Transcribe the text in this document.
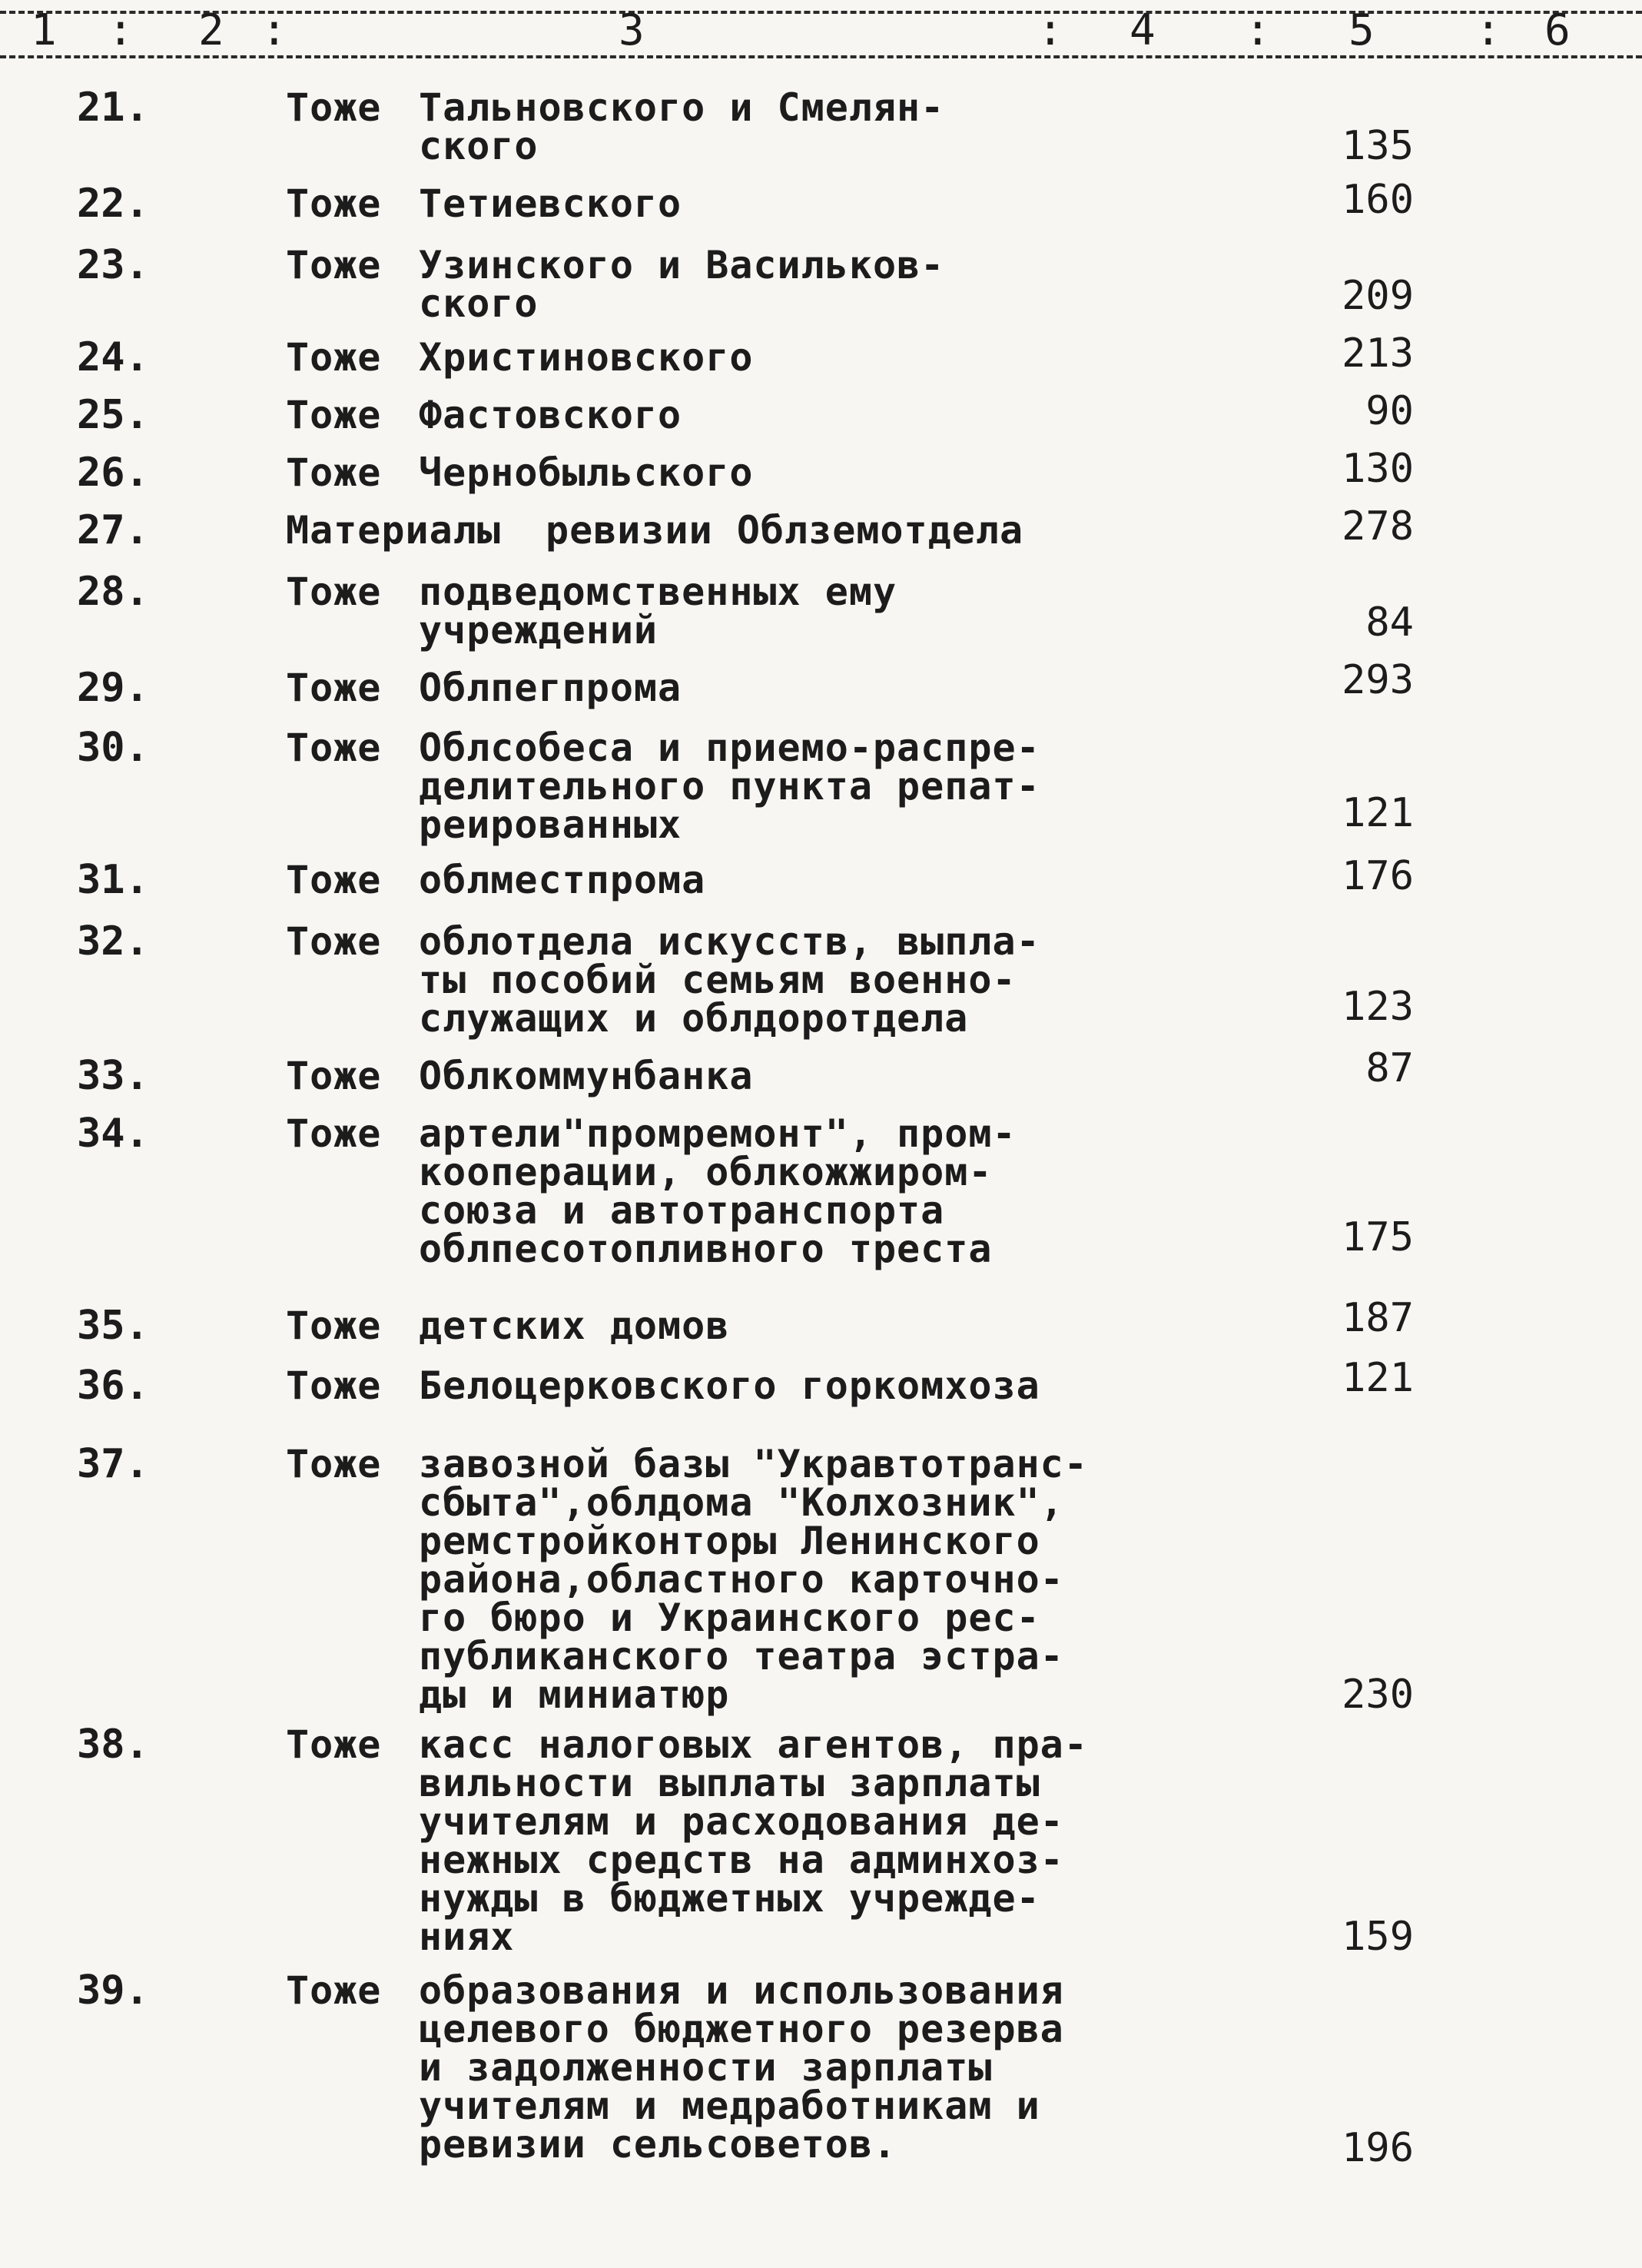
1 : 2 :	3	: 4 : 5 : 6
21.	Тоже Тальновского и Смелян-
ского	135
22.	Тоже Тетиевского	160
23.	Тоже Узинского и Васильков-
ского	209
24.	Тоже Христиновского	213
25.	Тоже Фастовского	90
26.	Тоже Чернобыльского	130
27.	Материалы ревизии Облземотдела	278
28.	Тоже подведомственных ему
учреждений	84
29.	Тоже Облпегпрома	293
30.	Тоже Облсобеса и приемо-распре-
делительного пункта репат-
реированных	121
31.	Тоже облместпрома	176
32.	Тоже облотдела искусств, выпла-
ты пособий семьям военно-
служащих и облдоротдела	123
33.	Тоже Облкоммунбанка	87
34.	Тоже артели"промремонт", пром-
кооперации, облкожжиром-
союза и автотранспорта
облпесотопливного треста	175
35.	Тоже детских домов	187
36.	Тоже Белоцерковского горкомхоза	121
37.	Тоже завозной базы "Укравтотранс-
сбыта",облдома "Колхозник",
ремстройконторы Ленинского
района,областного карточно-
го бюро и Украинского рес-
публиканского театра эстра-
ды и миниатюр	230
38.	Тоже касс налоговых агентов, пра-
вильности выплаты зарплаты
учителям и расходования де-
нежных средств на админхоз-
нужды в бюджетных учрежде-
ниях	159
39.	Тоже образования и использования
целевого бюджетного резерва
и задолженности зарплаты
учителям и медработникам и
ревизии сельсоветов.	196
